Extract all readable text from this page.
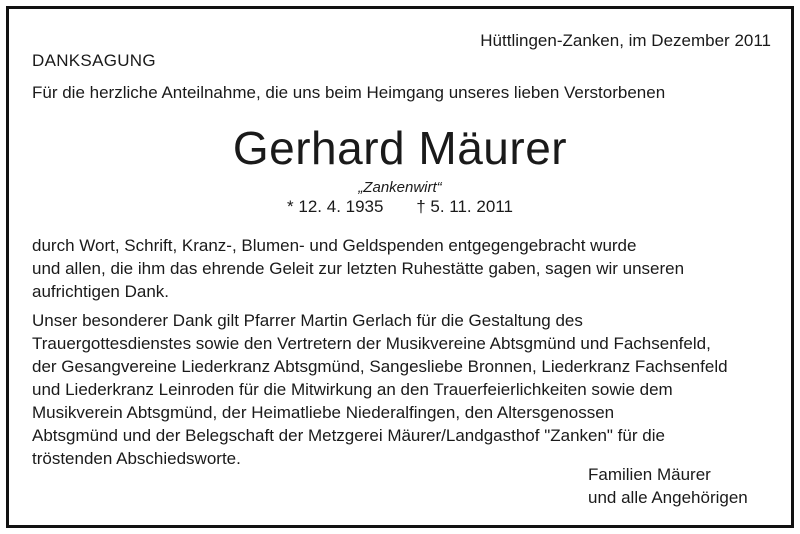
Hüttlingen-Zanken, im Dezember 2011
DANKSAGUNG
Für die herzliche Anteilnahme, die uns beim Heimgang unseres lieben Verstorbenen
Gerhard Mäurer
„Zankenwirt“
* 12. 4. 1935 † 5. 11. 2011
durch Wort, Schrift, Kranz-, Blumen- und Geldspenden entgegengebracht wurde
und allen, die ihm das ehrende Geleit zur letzten Ruhestätte gaben, sagen wir unseren
aufrichtigen Dank.
Unser besonderer Dank gilt Pfarrer Martin Gerlach für die Gestaltung des
Trauergottesdienstes sowie den Vertretern der Musikvereine Abtsgmünd und Fachsenfeld,
der Gesangvereine Liederkranz Abtsgmünd, Sangesliebe Bronnen, Liederkranz Fachsenfeld
und Liederkranz Leinroden für die Mitwirkung an den Trauerfeierlichkeiten sowie dem
Musikverein Abtsgmünd, der Heimatliebe Niederalfingen, den Altersgenossen
Abtsgmünd und der Belegschaft der Metzgerei Mäurer/Landgasthof "Zanken" für die
tröstenden Abschiedsworte.
Familien Mäurer
und alle Angehörigen
